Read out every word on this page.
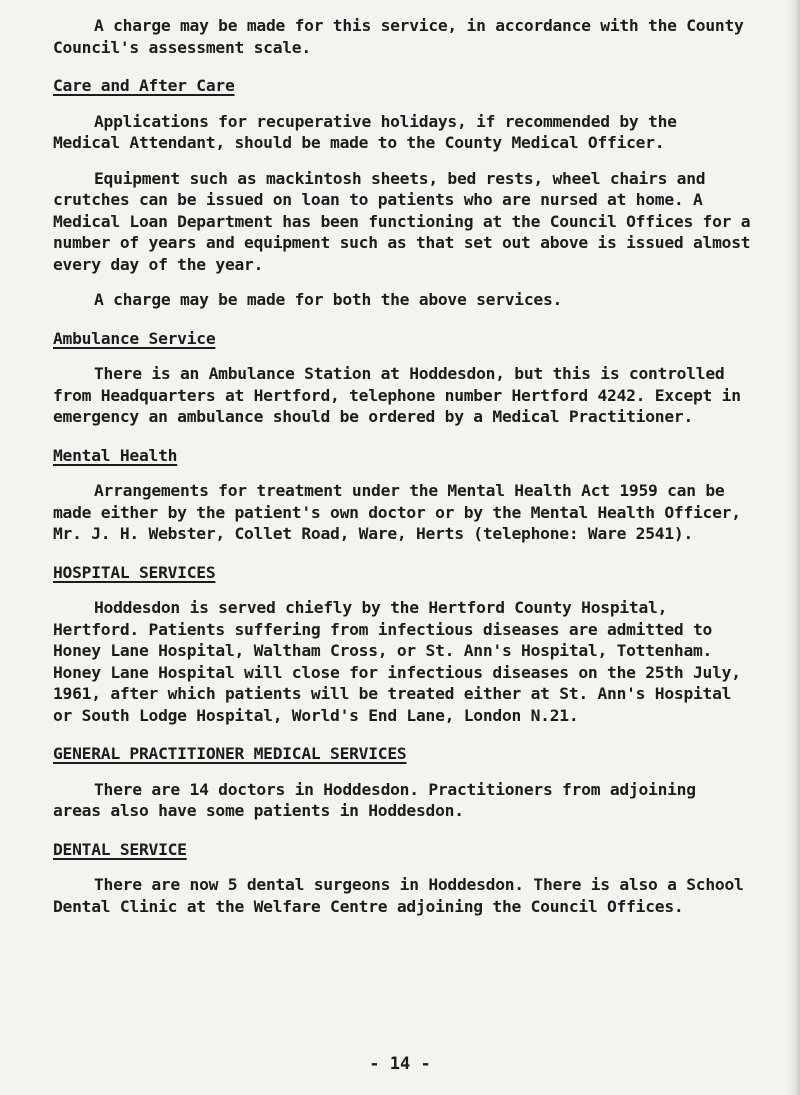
A charge may be made for this service, in accordance with the County Council's assessment scale.

Care and After Care

Applications for recuperative holidays, if recommended by the Medical Attendant, should be made to the County Medical Officer.

Equipment such as mackintosh sheets, bed rests, wheel chairs and crutches can be issued on loan to patients who are nursed at home. A Medical Loan Department has been functioning at the Council Offices for a number of years and equipment such as that set out above is issued almost every day of the year.

A charge may be made for both the above services.

Ambulance Service

There is an Ambulance Station at Hoddesdon, but this is controlled from Headquarters at Hertford, telephone number Hertford 4242. Except in emergency an ambulance should be ordered by a Medical Practitioner.

Mental Health

Arrangements for treatment under the Mental Health Act 1959 can be made either by the patient's own doctor or by the Mental Health Officer, Mr. J. H. Webster, Collet Road, Ware, Herts (telephone: Ware 2541).

HOSPITAL SERVICES

Hoddesdon is served chiefly by the Hertford County Hospital, Hertford. Patients suffering from infectious diseases are admitted to Honey Lane Hospital, Waltham Cross, or St. Ann's Hospital, Tottenham. Honey Lane Hospital will close for infectious diseases on the 25th July, 1961, after which patients will be treated either at St. Ann's Hospital or South Lodge Hospital, World's End Lane, London N.21.

GENERAL PRACTITIONER MEDICAL SERVICES

There are 14 doctors in Hoddesdon. Practitioners from adjoining areas also have some patients in Hoddesdon.

DENTAL SERVICE

There are now 5 dental surgeons in Hoddesdon. There is also a School Dental Clinic at the Welfare Centre adjoining the Council Offices.

- 14 -
